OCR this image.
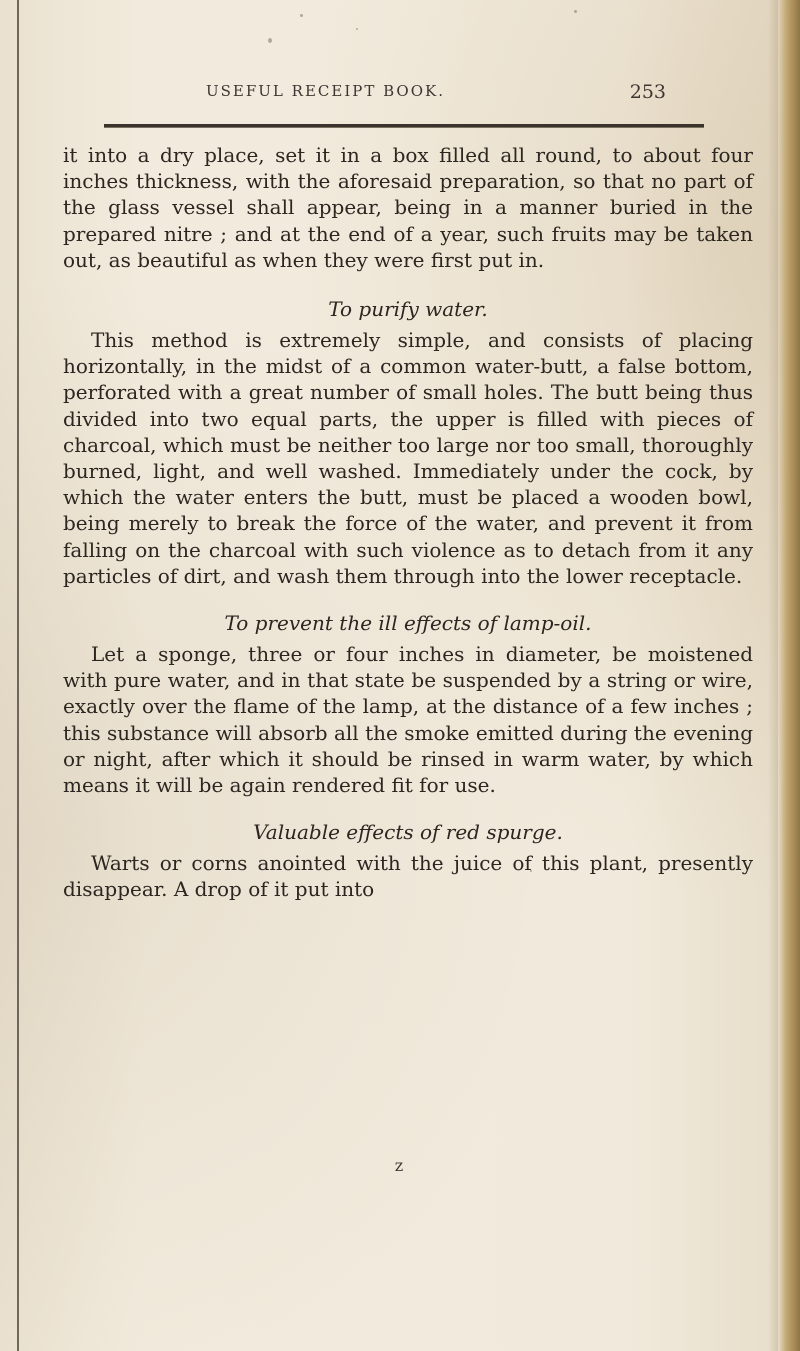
USEFUL RECEIPT BOOK.	253

it into a dry place, set it in a box filled all round, to about four inches thickness, with the aforesaid preparation, so that no part of the glass vessel shall appear, being in a manner buried in the prepared nitre ; and at the end of a year, such fruits may be taken out, as beautiful as when they were first put in.

To purify water.

This method is extremely simple, and consists of placing horizontally, in the midst of a common water-butt, a false bottom, perforated with a great number of small holes. The butt being thus divided into two equal parts, the upper is filled with pieces of charcoal, which must be neither too large nor too small, thoroughly burned, light, and well washed. Immediately under the cock, by which the water enters the butt, must be placed a wooden bowl, being merely to break the force of the water, and prevent it from falling on the charcoal with such violence as to detach from it any particles of dirt, and wash them through into the lower receptacle.

To prevent the ill effects of lamp-oil.

Let a sponge, three or four inches in diameter, be moistened with pure water, and in that state be suspended by a string or wire, exactly over the flame of the lamp, at the distance of a few inches ; this substance will absorb all the smoke emitted during the evening or night, after which it should be rinsed in warm water, by which means it will be again rendered fit for use.

Valuable effects of red spurge.

Warts or corns anointed with the juice of this plant, presently disappear. A drop of it put into

z
